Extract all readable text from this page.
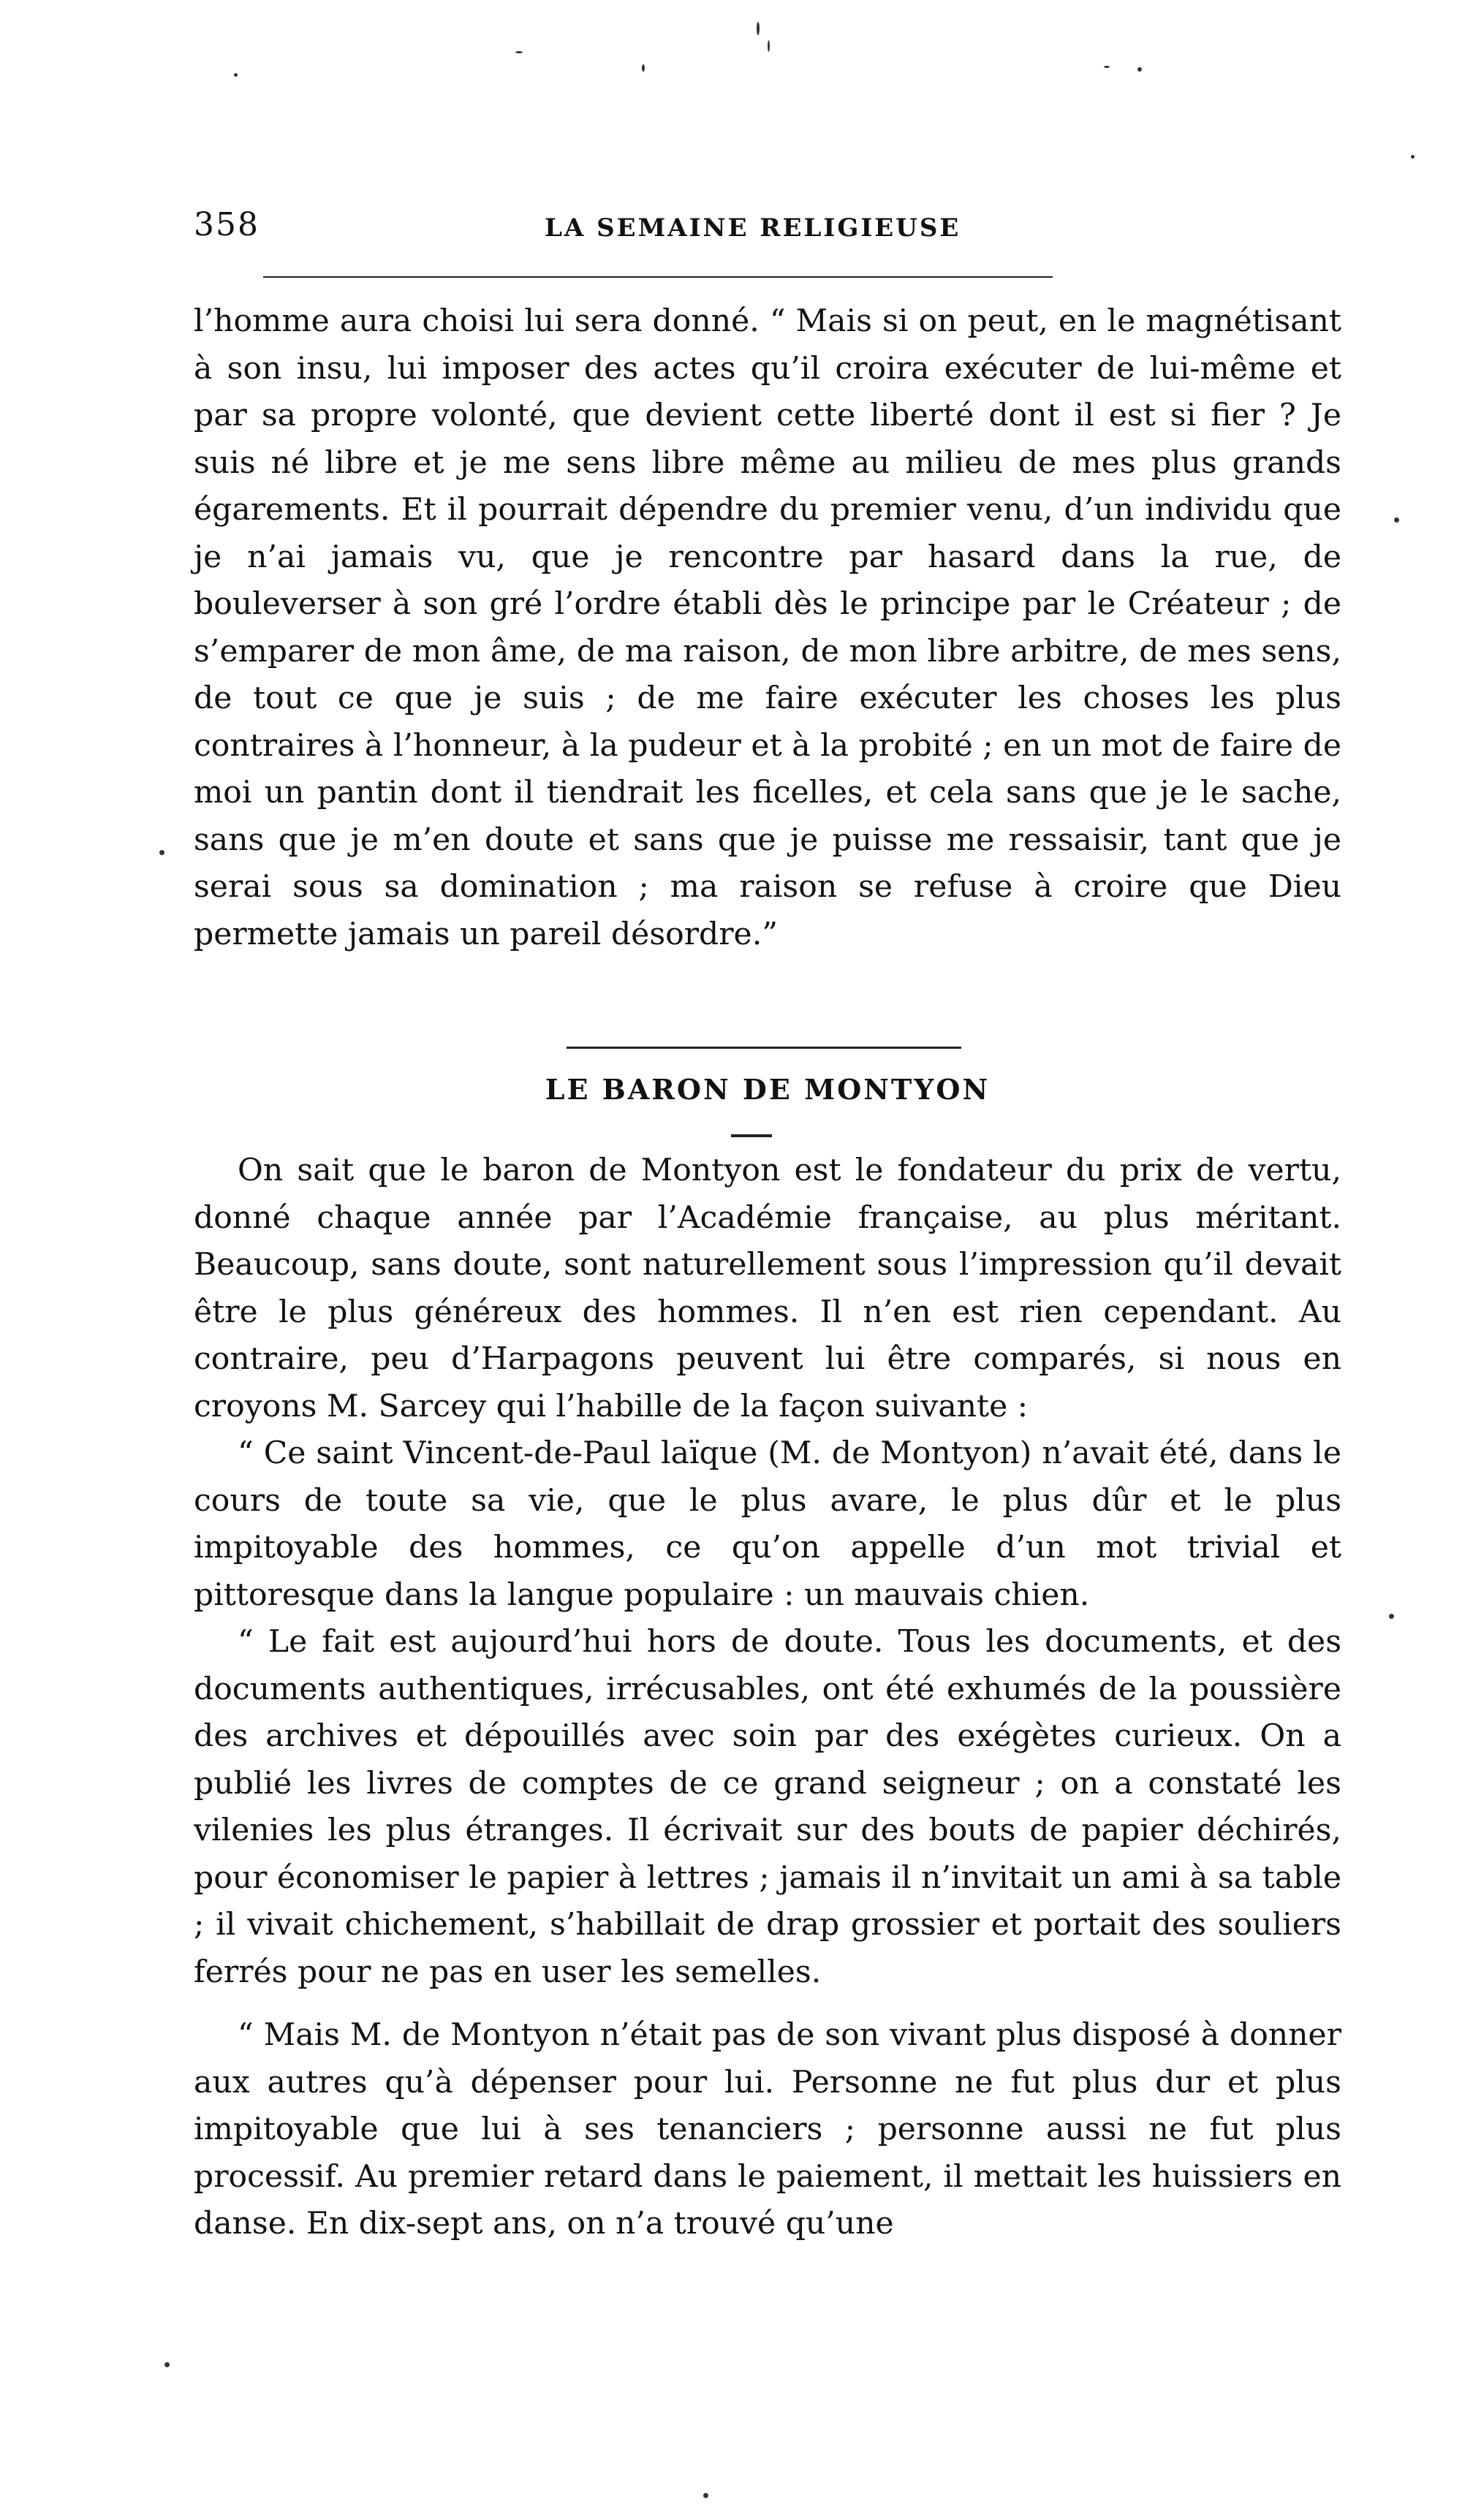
358	LA SEMAINE RELIGIEUSE

l’homme aura choisi lui sera donné. “ Mais si on peut, en le magnétisant à son insu, lui imposer des actes qu’il croira exécuter de lui-même et par sa propre volonté, que devient cette liberté dont il est si fier ? Je suis né libre et je me sens libre même au milieu de mes plus grands égarements. Et il pourrait dépendre du premier venu, d’un individu que je n’ai jamais vu, que je rencontre par hasard dans la rue, de bouleverser à son gré l’ordre établi dès le principe par le Créateur ; de s’emparer de mon âme, de ma raison, de mon libre arbitre, de mes sens, de tout ce que je suis ; de me faire exécuter les choses les plus contraires à l’honneur, à la pudeur et à la probité ; en un mot de faire de moi un pantin dont il tiendrait les ficelles, et cela sans que je le sache, sans que je m’en doute et sans que je puisse me ressaisir, tant que je serai sous sa domination ; ma raison se refuse à croire que Dieu permette jamais un pareil désordre.”

LE BARON DE MONTYON

On sait que le baron de Montyon est le fondateur du prix de vertu, donné chaque année par l’Académie française, au plus méritant. Beaucoup, sans doute, sont naturellement sous l’impression qu’il devait être le plus généreux des hommes. Il n’en est rien cependant. Au contraire, peu d’Harpagons peuvent lui être comparés, si nous en croyons M. Sarcey qui l’habille de la façon suivante :

“ Ce saint Vincent-de-Paul laïque (M. de Montyon) n’avait été, dans le cours de toute sa vie, que le plus avare, le plus dûr et le plus impitoyable des hommes, ce qu’on appelle d’un mot trivial et pittoresque dans la langue populaire : un mauvais chien.

“ Le fait est aujourd’hui hors de doute. Tous les documents, et des documents authentiques, irrécusables, ont été exhumés de la poussière des archives et dépouillés avec soin par des exégètes curieux. On a publié les livres de comptes de ce grand seigneur ; on a constaté les vilenies les plus étranges. Il écrivait sur des bouts de papier déchirés, pour économiser le papier à lettres ; jamais il n’invitait un ami à sa table ; il vivait chichement, s’habillait de drap grossier et portait des souliers ferrés pour ne pas en user les semelles.

“ Mais M. de Montyon n’était pas de son vivant plus disposé à donner aux autres qu’à dépenser pour lui. Personne ne fut plus dur et plus impitoyable que lui à ses tenanciers ; personne aussi ne fut plus processif. Au premier retard dans le paiement, il mettait les huissiers en danse. En dix-sept ans, on n’a trouvé qu’une
